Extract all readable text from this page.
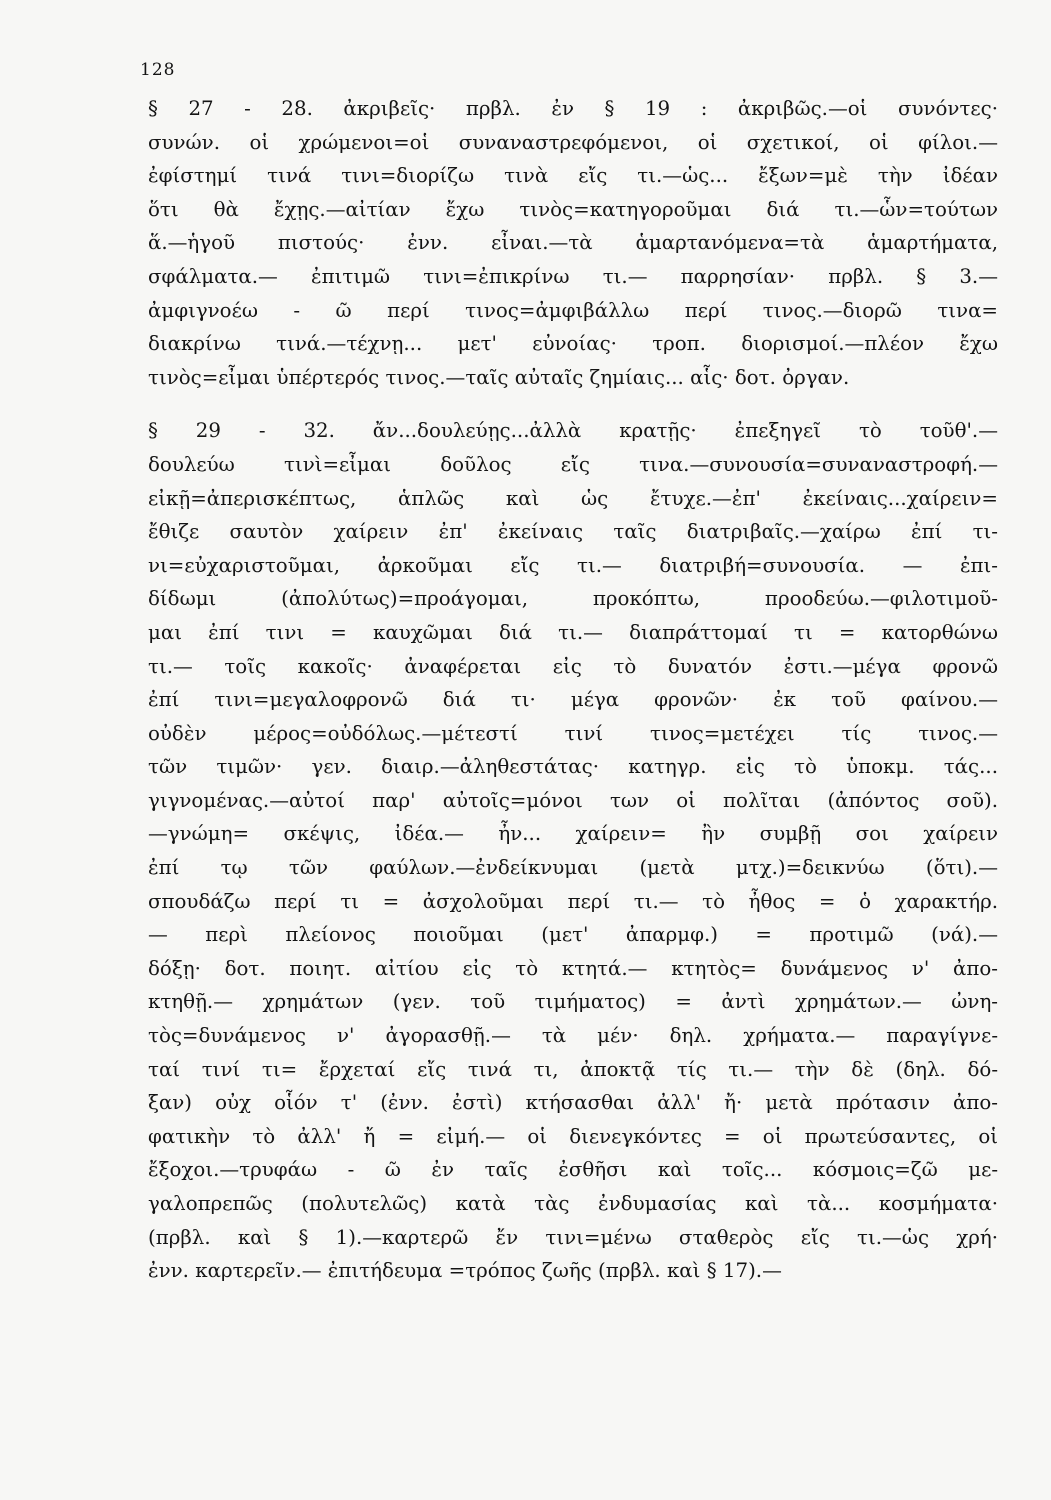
128
§ 27 - 28. ἀκριβεῖς· πρβλ. ἐν § 19 : ἀκριβῶς.—οἱ συνόντες·
συνών. οἱ χρώμενοι=οἱ συναναστρεφόμενοι, οἱ σχετικοί, οἱ φίλοι.—
ἐφίστημί τινά τινι=διορίζω τινὰ εἴς τι.—ὡς... ἔξων=μὲ τὴν ἰδέαν
ὅτι θὰ ἔχῃς.—αἰτίαν ἔχω τινὸς=κατηγοροῦμαι διά τι.—ὧν=τούτων
ἅ.—ἡγοῦ πιστούς· ἐνν. εἶναι.—τὰ ἁμαρτανόμενα=τὰ ἁμαρτήματα,
σφάλματα.— ἐπιτιμῶ τινι=ἐπικρίνω τι.— παρρησίαν· πρβλ. § 3.—
ἀμφιγνοέω - ῶ περί τινος=ἀμφιβάλλω περί τινος.—διορῶ τινα=
διακρίνω τινά.—τέχνῃ... μετ' εὐνοίας· τροπ. διορισμοί.—πλέον ἔχω
τινὸς=εἶμαι ὑπέρτερός τινος.—ταῖς αὐταῖς ζημίαις... αἷς· δοτ. ὀργαν.
§ 29 - 32. ἄν...δουλεύῃς...ἀλλὰ κρατῇς· ἐπεξηγεῖ τὸ τοῦθ'.—
δουλεύω τινὶ=εἶμαι δοῦλος εἴς τινα.—συνουσία=συναναστροφή.—
εἰκῇ=ἀπερισκέπτως, ἁπλῶς καὶ ὡς ἔτυχε.—ἐπ' ἐκείναις...χαίρειν=
ἔθιζε σαυτὸν χαίρειν ἐπ' ἐκείναις ταῖς διατριβαῖς.—χαίρω ἐπί τι-
νι=εὐχαριστοῦμαι, ἀρκοῦμαι εἴς τι.— διατριβή=συνουσία. — ἐπι-
δίδωμι (ἀπολύτως)=προάγομαι, προκόπτω, προοδεύω.—φιλοτιμοῦ-
μαι ἐπί τινι = καυχῶμαι διά τι.— διαπράττομαί τι = κατορθώνω
τι.— τοῖς κακοῖς· ἀναφέρεται εἰς τὸ δυνατόν ἐστι.—μέγα φρονῶ
ἐπί τινι=μεγαλοφρονῶ διά τι· μέγα φρονῶν· ἐκ τοῦ φαίνου.—
οὐδὲν μέρος=οὐδόλως.—μέτεστί τινί τινος=μετέχει τίς τινος.—
τῶν τιμῶν· γεν. διαιρ.—ἀληθεστάτας· κατηγρ. εἰς τὸ ὑποκμ. τάς...
γιγνομένας.—αὐτοί παρ' αὐτοῖς=μόνοι των οἱ πολῖται (ἀπόντος σοῦ).
—γνώμη= σκέψις, ἰδέα.— ἦν... χαίρειν= ἢν συμβῇ σοι χαίρειν
ἐπί τῳ τῶν φαύλων.—ἐνδείκνυμαι (μετὰ μτχ.)=δεικνύω (ὅτι).—
σπουδάζω περί τι = ἀσχολοῦμαι περί τι.— τὸ ἦθος = ὁ χαρακτήρ.
— περὶ πλείονος ποιοῦμαι (μετ' ἀπαρμφ.) = προτιμῶ (νά).—
δόξῃ· δοτ. ποιητ. αἰτίου εἰς τὸ κτητά.— κτητὸς= δυνάμενος ν' ἀπο-
κτηθῇ.— χρημάτων (γεν. τοῦ τιμήματος) = ἀντὶ χρημάτων.— ὠνη-
τὸς=δυνάμενος ν' ἀγορασθῇ.— τὰ μέν· δηλ. χρήματα.— παραγίγνε-
ταί τινί τι= ἔρχεταί εἴς τινά τι, ἀποκτᾷ τίς τι.— τὴν δὲ (δηλ. δό-
ξαν) οὐχ οἷόν τ' (ἐνν. ἐστὶ) κτήσασθαι ἀλλ' ἤ· μετὰ πρότασιν ἀπο-
φατικὴν τὸ ἀλλ' ἤ = εἰμή.— οἱ διενεγκόντες = οἱ πρωτεύσαντες, οἱ
ἔξοχοι.—τρυφάω - ῶ ἐν ταῖς ἐσθῆσι καὶ τοῖς... κόσμοις=ζῶ με-
γαλοπρεπῶς (πολυτελῶς) κατὰ τὰς ἐνδυμασίας καὶ τὰ... κοσμήματα·
(πρβλ. καὶ § 1).—καρτερῶ ἔν τινι=μένω σταθερὸς εἴς τι.—ὡς χρή·
ἐνν. καρτερεῖν.— ἐπιτήδευμα =τρόπος ζωῆς (πρβλ. καὶ § 17).—
